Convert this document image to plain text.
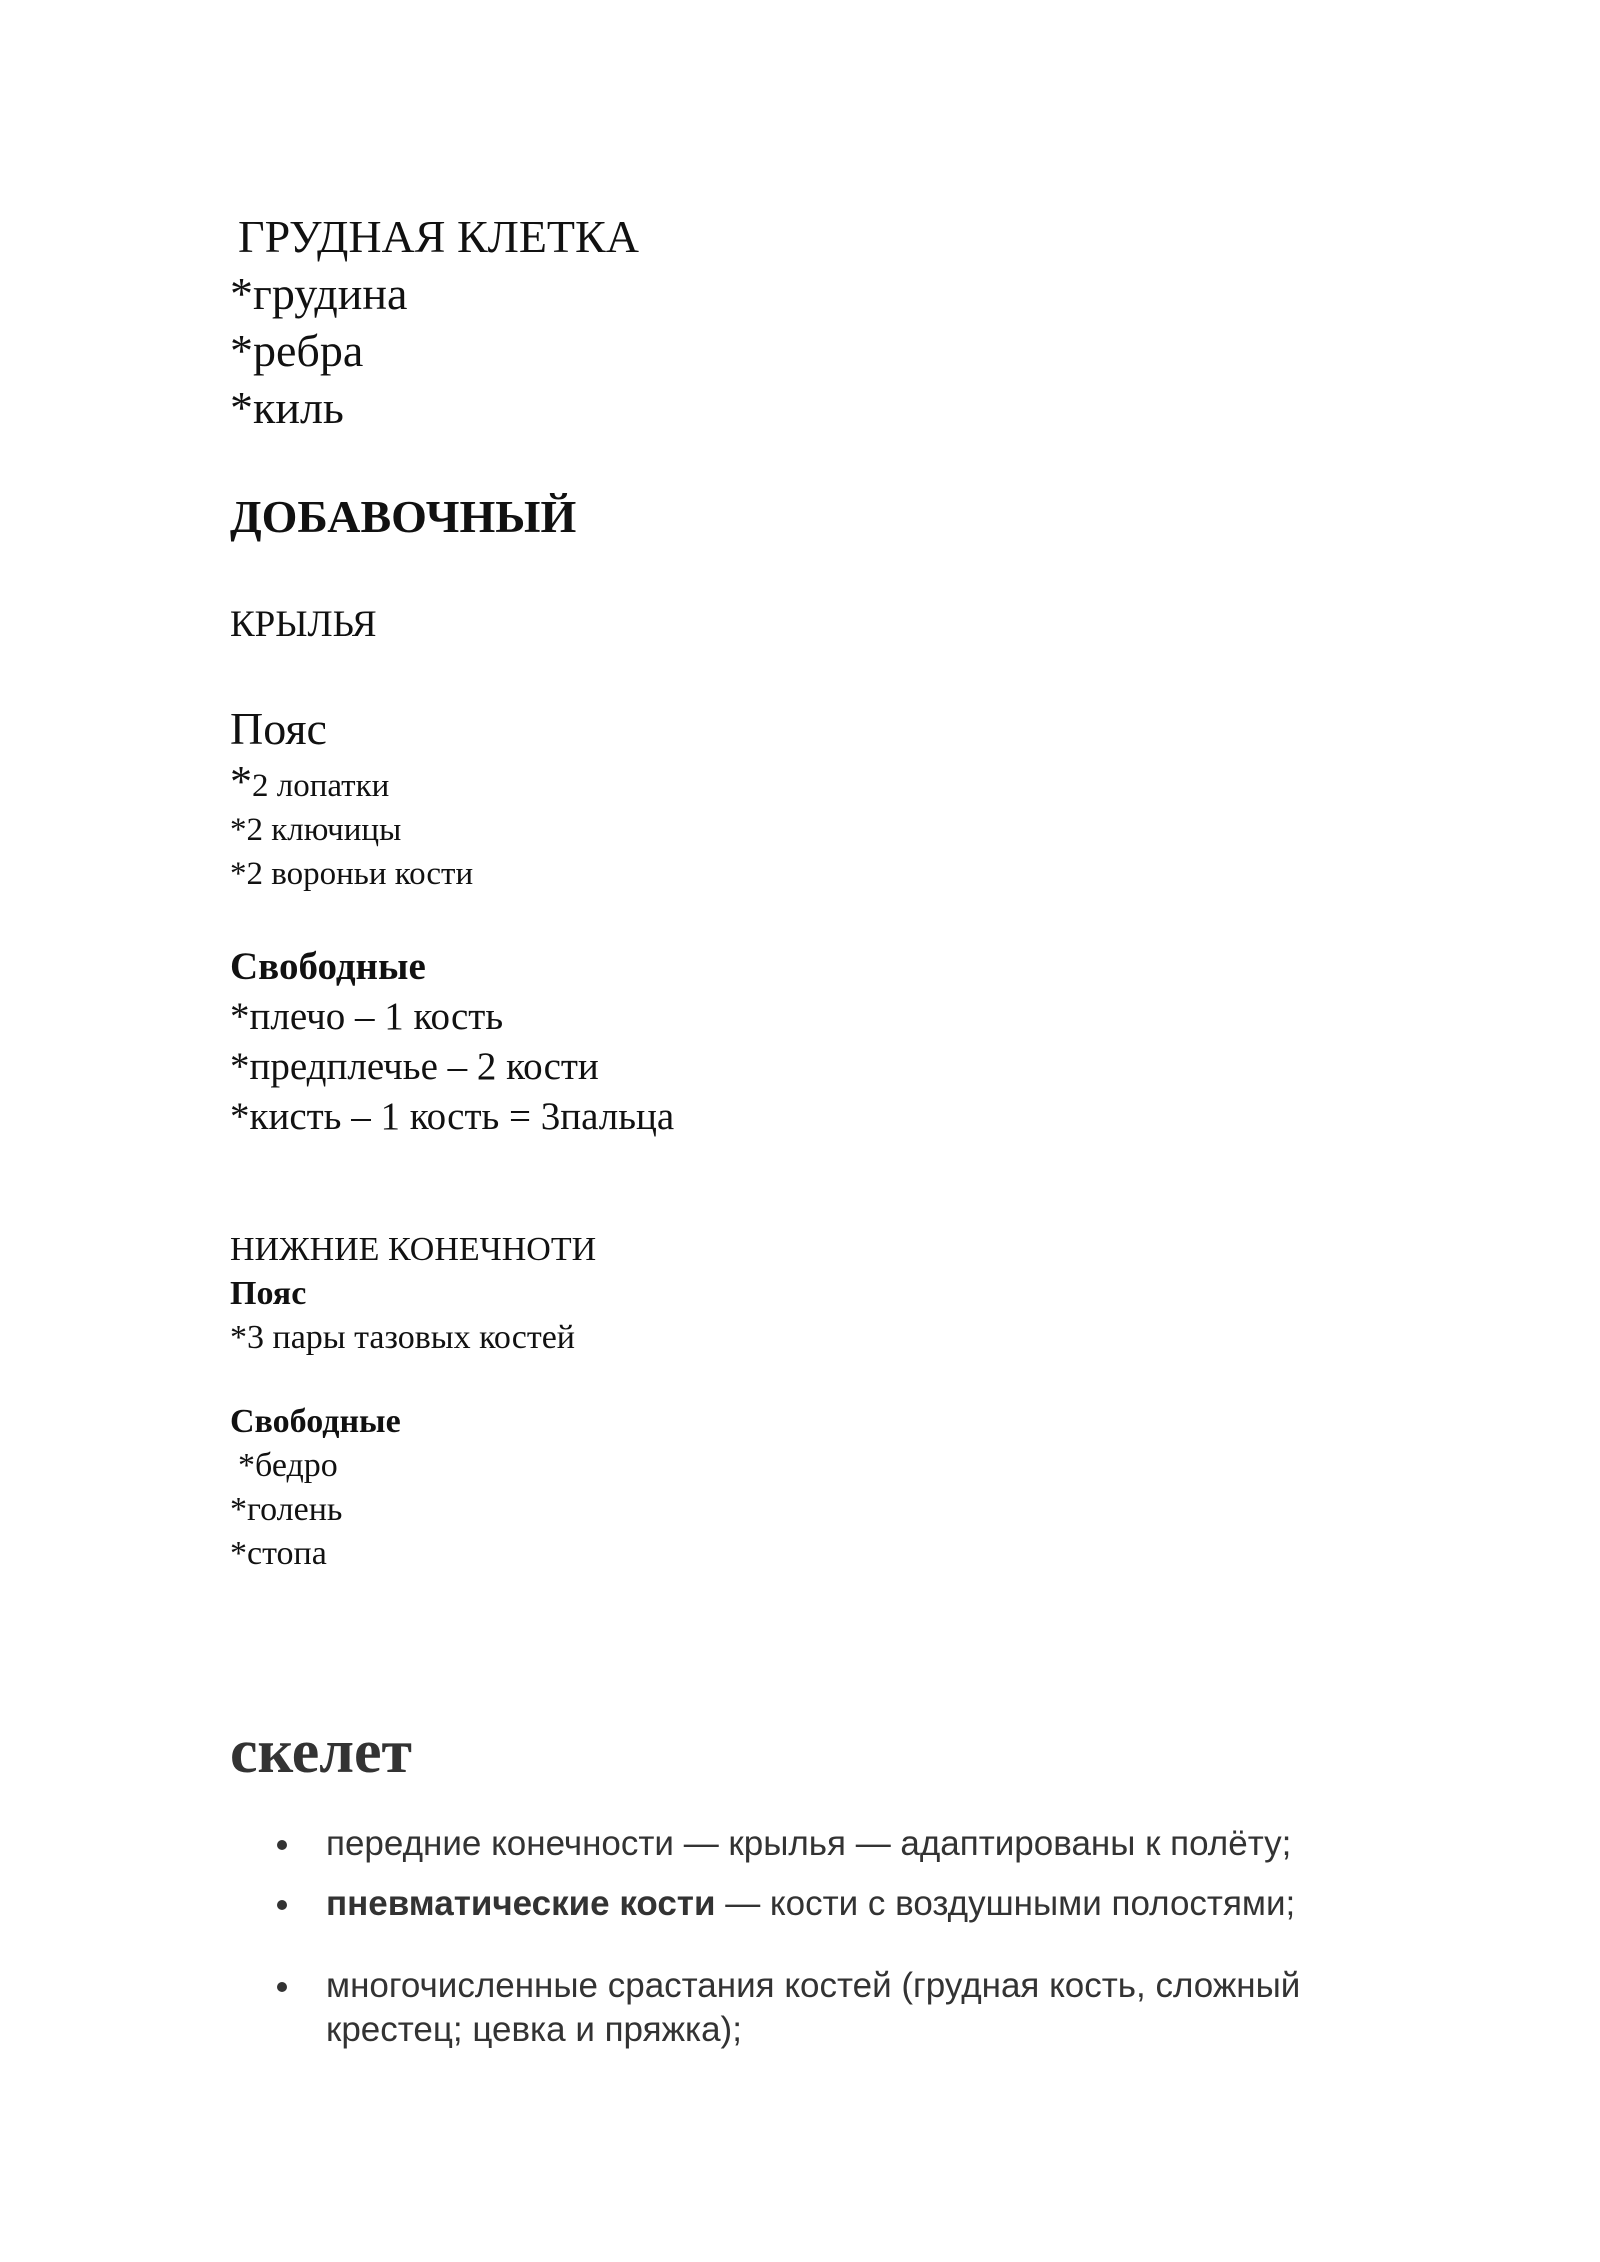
ГРУДНАЯ КЛЕТКА
*грудина
*ребра
*киль
ДОБАВОЧНЫЙ
КРЫЛЬЯ
Пояс
*2 лопатки
*2 ключицы
*2 вороньи кости
Свободные
*плечо – 1 кость
*предплечье – 2 кости
*кисть – 1 кость = 3пальца
НИЖНИЕ КОНЕЧНОТИ
Пояс
*3 пары тазовых костей
Свободные
*бедро
*голень
*стопа
скелет
передние конечности — крылья — адаптированы к полёту;
пневматические кости — кости с воздушными полостями;
многочисленные срастания костей (грудная кость, сложный крестец; цевка и пряжка);
